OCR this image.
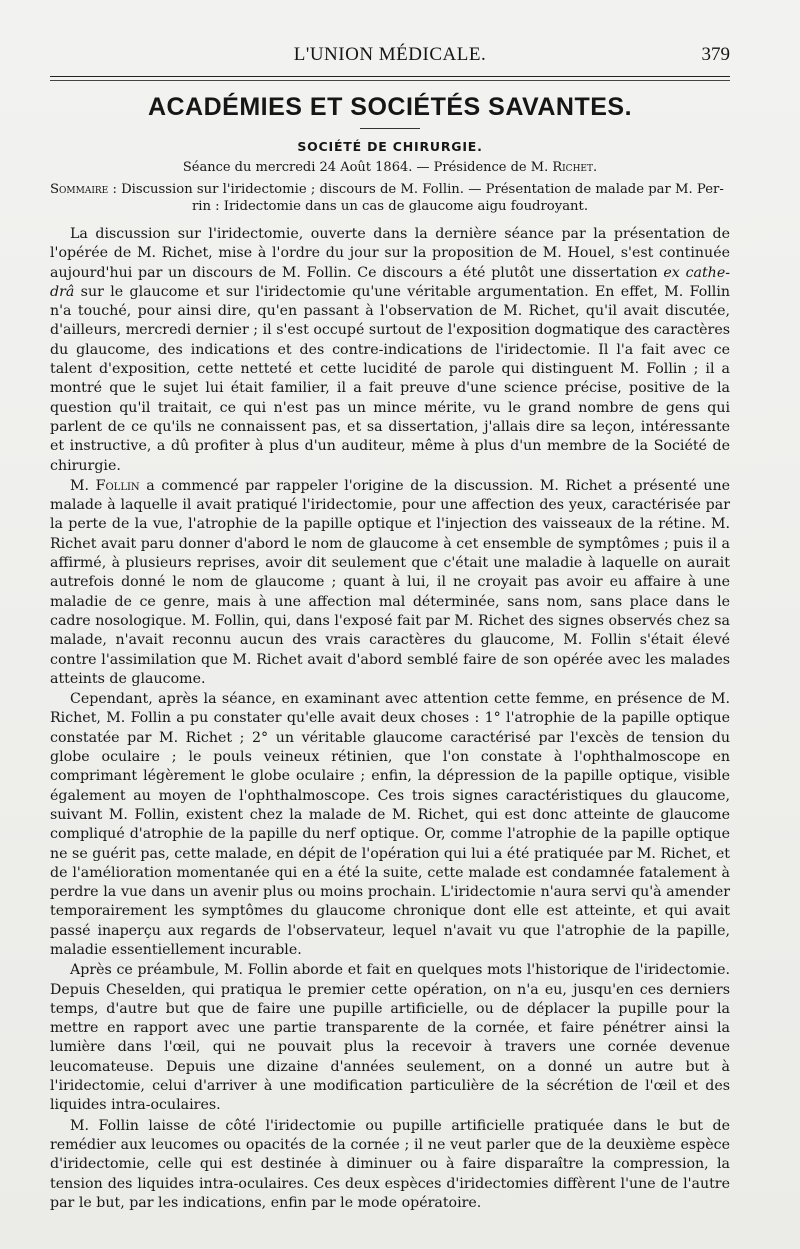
L'UNION MÉDICALE.	379
ACADÉMIES ET SOCIÉTÉS SAVANTES.
SOCIÉTÉ DE CHIRURGIE.
Séance du mercredi 24 Août 1864. — Présidence de M. Richet.
Sommaire : Discussion sur l'iridectomie ; discours de M. Follin. — Présentation de malade par M. Per-
rin : Iridectomie dans un cas de glaucome aigu foudroyant.

La discussion sur l'iridectomie, ouverte dans la dernière séance par la présentation de l'opérée de M. Richet, mise à l'ordre du jour sur la proposition de M. Houel, s'est continuée aujourd'hui par un discours de M. Follin. Ce discours a été plutôt une dissertation ex cathe- drâ sur le glaucome et sur l'iridectomie qu'une véritable argumentation. En effet, M. Follin n'a touché, pour ainsi dire, qu'en passant à l'observation de M. Richet, qu'il avait discutée, d'ailleurs, mercredi dernier ; il s'est occupé surtout de l'exposition dogmatique des caractères du glaucome, des indications et des contre-indications de l'iridectomie. Il l'a fait avec ce talent d'exposition, cette netteté et cette lucidité de parole qui distinguent M. Follin ; il a montré que le sujet lui était familier, il a fait preuve d'une science précise, positive de la question qu'il traitait, ce qui n'est pas un mince mérite, vu le grand nombre de gens qui parlent de ce qu'ils ne connaissent pas, et sa dissertation, j'allais dire sa leçon, intéressante et instructive, a dû profiter à plus d'un auditeur, même à plus d'un membre de la Société de chirurgie.

M. Follin a commencé par rappeler l'origine de la discussion. M. Richet a présenté une malade à laquelle il avait pratiqué l'iridectomie, pour une affection des yeux, caractérisée par la perte de la vue, l'atrophie de la papille optique et l'injection des vaisseaux de la rétine. M. Richet avait paru donner d'abord le nom de glaucome à cet ensemble de symptômes ; puis il a affirmé, à plusieurs reprises, avoir dit seulement que c'était une maladie à laquelle on aurait autrefois donné le nom de glaucome ; quant à lui, il ne croyait pas avoir eu affaire à une maladie de ce genre, mais à une affection mal déterminée, sans nom, sans place dans le cadre nosologique. M. Follin, qui, dans l'exposé fait par M. Richet des signes observés chez sa malade, n'avait reconnu aucun des vrais caractères du glaucome, M. Follin s'était élevé contre l'assimilation que M. Richet avait d'abord semblé faire de son opérée avec les malades atteints de glaucome.

Cependant, après la séance, en examinant avec attention cette femme, en présence de M. Richet, M. Follin a pu constater qu'elle avait deux choses : 1° l'atrophie de la papille optique constatée par M. Richet ; 2° un véritable glaucome caractérisé par l'excès de tension du globe oculaire ; le pouls veineux rétinien, que l'on constate à l'ophthalmoscope en comprimant légèrement le globe oculaire ; enfin, la dépression de la papille optique, visible également au moyen de l'ophthalmoscope. Ces trois signes caractéristiques du glaucome, suivant M. Follin, existent chez la malade de M. Richet, qui est donc atteinte de glaucome compliqué d'atrophie de la papille du nerf optique. Or, comme l'atrophie de la papille optique ne se guérit pas, cette malade, en dépit de l'opération qui lui a été pratiquée par M. Richet, et de l'amélioration momentanée qui en a été la suite, cette malade est condamnée fatalement à perdre la vue dans un avenir plus ou moins prochain. L'iridectomie n'aura servi qu'à amender temporairement les symptômes du glaucome chronique dont elle est atteinte, et qui avait passé inaperçu aux regards de l'observateur, lequel n'avait vu que l'atrophie de la papille, maladie essentiellement incurable.

Après ce préambule, M. Follin aborde et fait en quelques mots l'historique de l'iridectomie. Depuis Cheselden, qui pratiqua le premier cette opération, on n'a eu, jusqu'en ces derniers temps, d'autre but que de faire une pupille artificielle, ou de déplacer la pupille pour la mettre en rapport avec une partie transparente de la cornée, et faire pénétrer ainsi la lumière dans l'œil, qui ne pouvait plus la recevoir à travers une cornée devenue leucomateuse. Depuis une dizaine d'années seulement, on a donné un autre but à l'iridectomie, celui d'arriver à une modification particulière de la sécrétion de l'œil et des liquides intra-oculaires.

M. Follin laisse de côté l'iridectomie ou pupille artificielle pratiquée dans le but de remédier aux leucomes ou opacités de la cornée ; il ne veut parler que de la deuxième espèce d'iridectomie, celle qui est destinée à diminuer ou à faire disparaître la compression, la tension des liquides intra-oculaires. Ces deux espèces d'iridectomies diffèrent l'une de l'autre par le but, par les indications, enfin par le mode opératoire.
